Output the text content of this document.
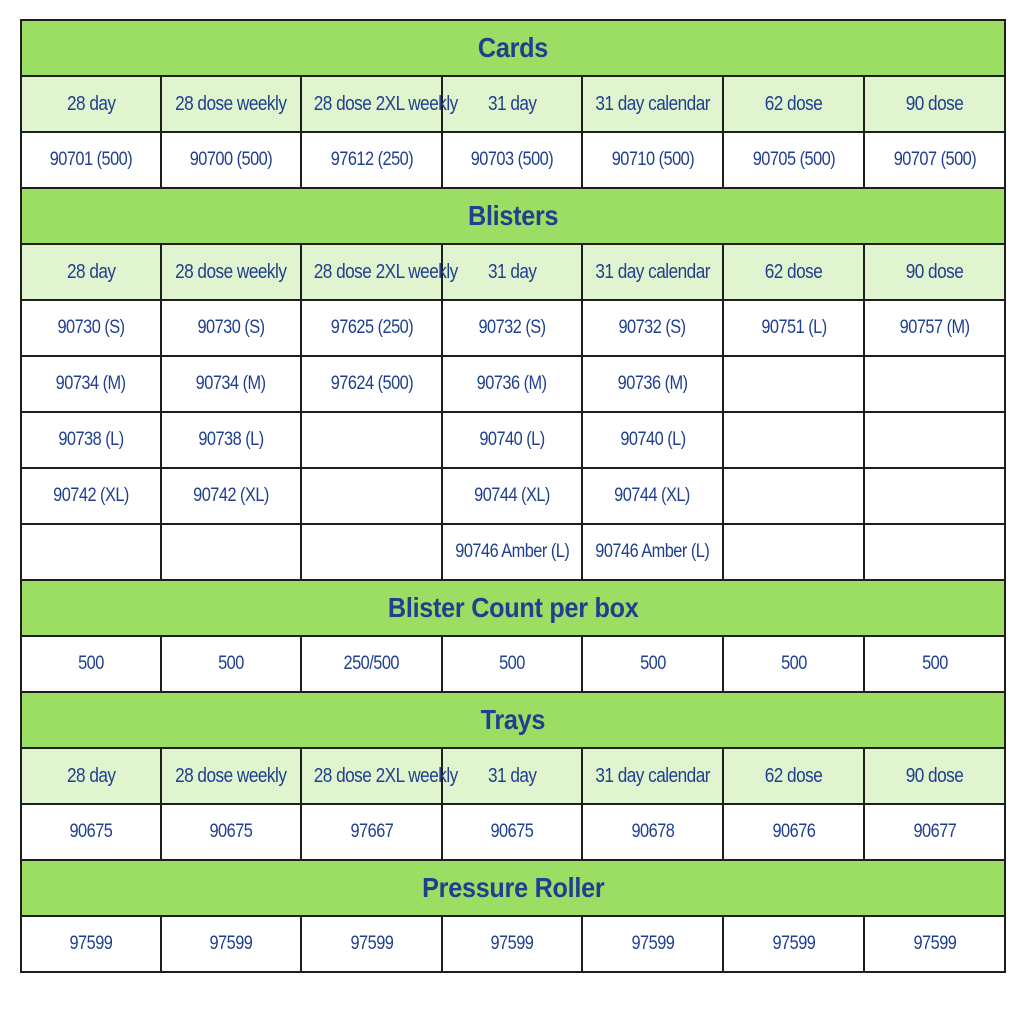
Cards						
28 day	28 dose weekly	28 dose 2XL weekly	31 day	31 day calendar	62 dose	90 dose
90701 (500)	90700 (500)	97612 (250)	90703 (500)	90710 (500)	90705 (500)	90707 (500)
Blisters						
28 day	28 dose weekly	28 dose 2XL weekly	31 day	31 day calendar	62 dose	90 dose
90730 (S)	90730 (S)	97625 (250)	90732 (S)	90732 (S)	90751 (L)	90757 (M)
90734 (M)	90734 (M)	97624 (500)	90736 (M)	90736 (M)		
90738 (L)	90738 (L)		90740 (L)	90740 (L)		
90742 (XL)	90742 (XL)		90744 (XL)	90744 (XL)		
			90746 Amber (L)	90746 Amber (L)		
Blister Count per box						
500	500	250/500	500	500	500	500
Trays						
28 day	28 dose weekly	28 dose 2XL weekly	31 day	31 day calendar	62 dose	90 dose
90675	90675	97667	90675	90678	90676	90677
Pressure Roller						
97599	97599	97599	97599	97599	97599	97599
